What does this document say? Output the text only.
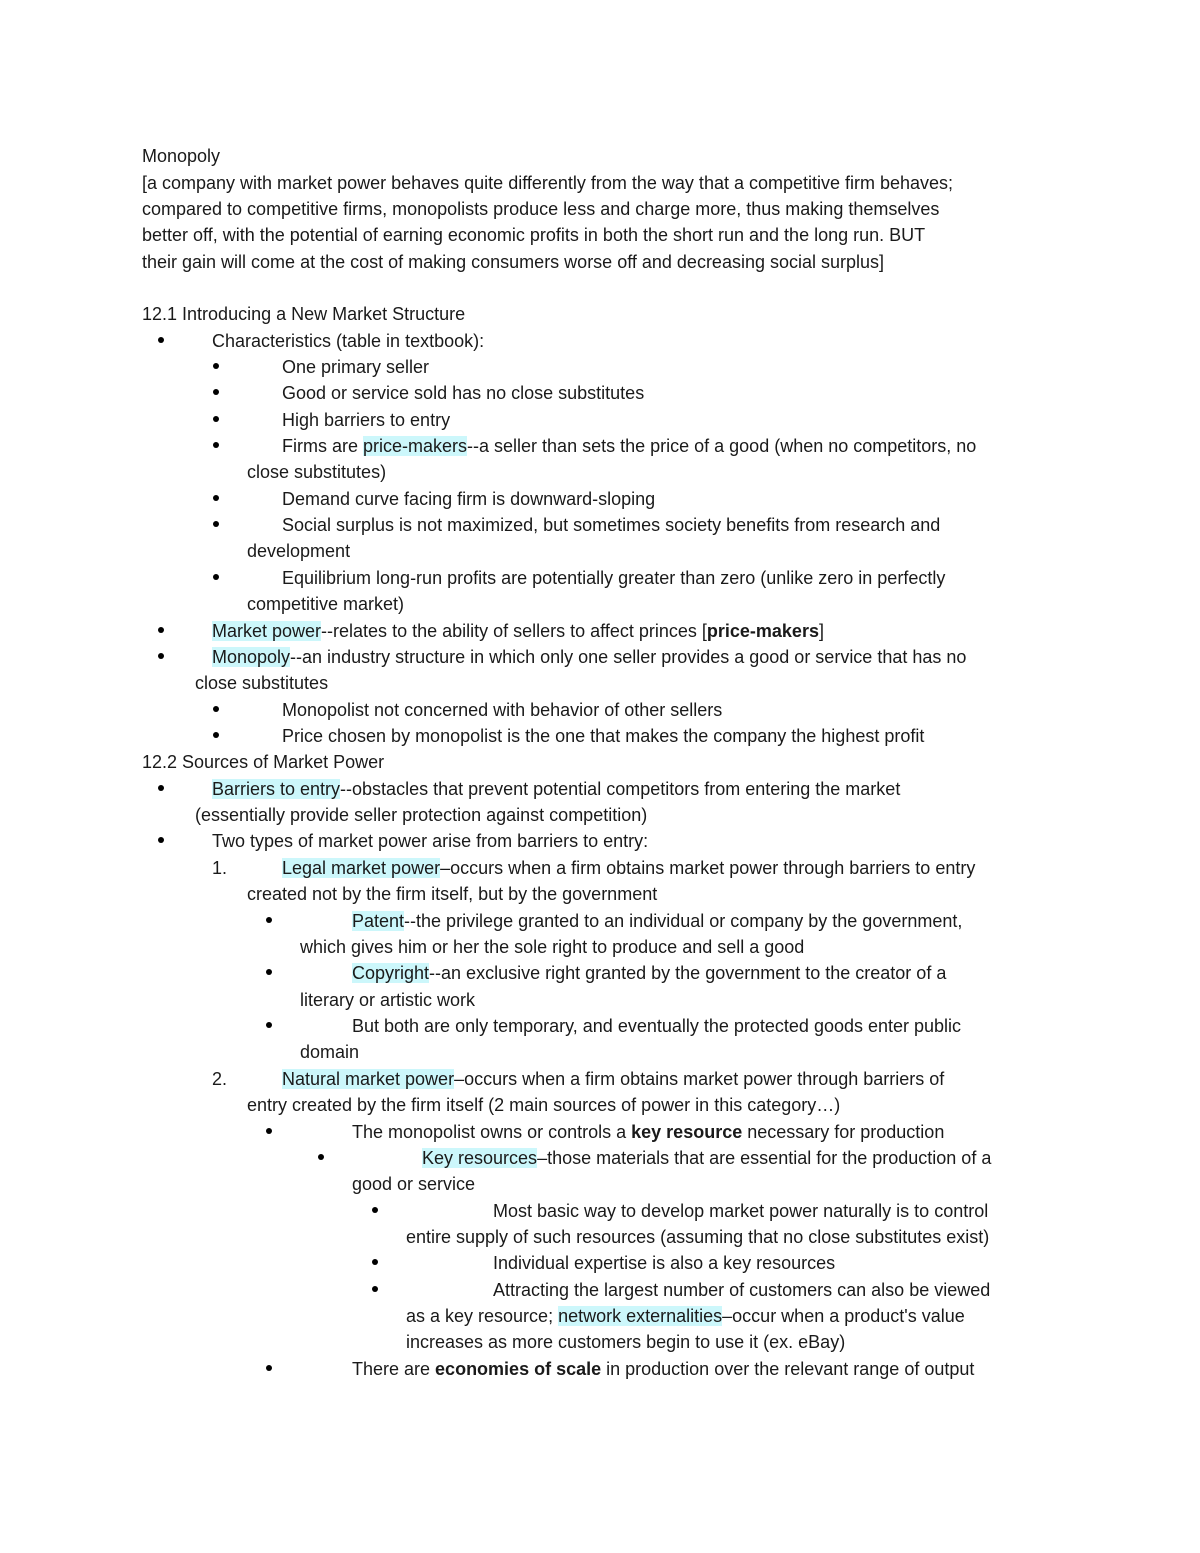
Monopoly
[a company with market power behaves quite differently from the way that a competitive firm behaves;
compared to competitive firms, monopolists produce less and charge more, thus making themselves
better off, with the potential of earning economic profits in both the short run and the long run. BUT
their gain will come at the cost of making consumers worse off and decreasing social surplus]
12.1 Introducing a New Market Structure
Characteristics (table in textbook):
One primary seller
Good or service sold has no close substitutes
High barriers to entry
Firms are price-makers--a seller than sets the price of a good (when no competitors, no
close substitutes)
Demand curve facing firm is downward-sloping
Social surplus is not maximized, but sometimes society benefits from research and
development
Equilibrium long-run profits are potentially greater than zero (unlike zero in perfectly
competitive market)
Market power--relates to the ability of sellers to affect princes [price-makers]
Monopoly--an industry structure in which only one seller provides a good or service that has no
close substitutes
Monopolist not concerned with behavior of other sellers
Price chosen by monopolist is the one that makes the company the highest profit
12.2 Sources of Market Power
Barriers to entry--obstacles that prevent potential competitors from entering the market
(essentially provide seller protection against competition)
Two types of market power arise from barriers to entry:
1.	Legal market power–occurs when a firm obtains market power through barriers to entry
created not by the firm itself, but by the government
Patent--the privilege granted to an individual or company by the government,
which gives him or her the sole right to produce and sell a good
Copyright--an exclusive right granted by the government to the creator of a
literary or artistic work
But both are only temporary, and eventually the protected goods enter public
domain
2.	Natural market power–occurs when a firm obtains market power through barriers of
entry created by the firm itself (2 main sources of power in this category…)
The monopolist owns or controls a key resource necessary for production
Key resources–those materials that are essential for the production of a
good or service
Most basic way to develop market power naturally is to control
entire supply of such resources (assuming that no close substitutes exist)
Individual expertise is also a key resources
Attracting the largest number of customers can also be viewed
as a key resource; network externalities–occur when a product's value
increases as more customers begin to use it (ex. eBay)
There are economies of scale in production over the relevant range of output
